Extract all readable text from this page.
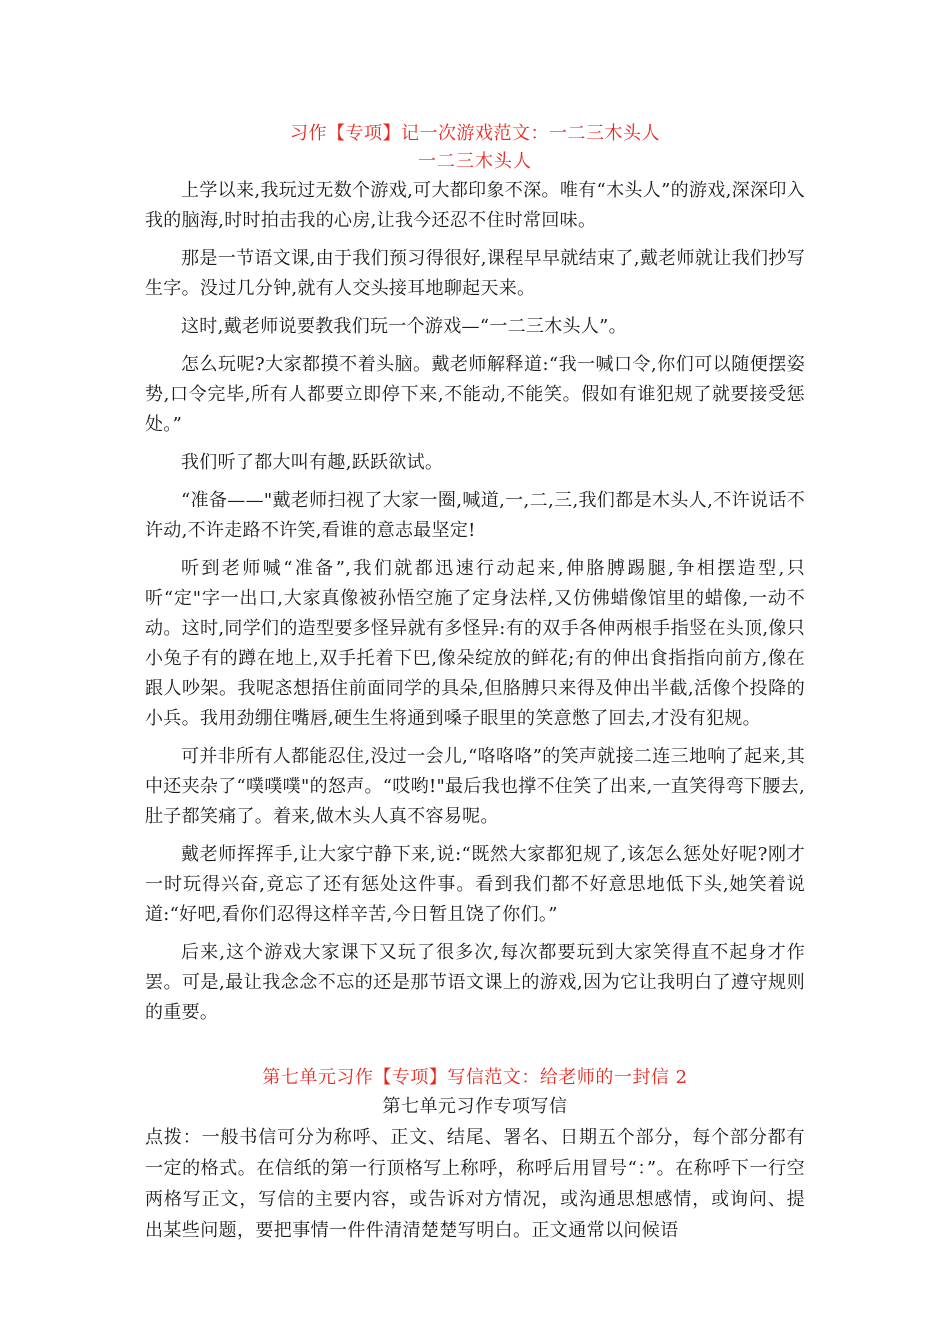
习作【专项】记一次游戏范文：一二三木头人
一二三木头人

上学以来,我玩过无数个游戏,可大都印象不深。唯有“木头人”的游戏,深深印入我的脑海,时时拍击我的心房,让我今还忍不住时常回味。

那是一节语文课,由于我们预习得很好,课程早早就结束了,戴老师就让我们抄写生字。没过几分钟,就有人交头接耳地聊起天来。

这时,戴老师说要教我们玩一个游戏—“一二三木头人”。

怎么玩呢?大家都摸不着头脑。戴老师解释道:“我一喊口令,你们可以随便摆姿势,口令完毕,所有人都要立即停下来,不能动,不能笑。假如有谁犯规了就要接受惩处。”

我们听了都大叫有趣,跃跃欲试。

“准备——"戴老师扫视了大家一圈,喊道,一,二,三,我们都是木头人,不许说话不许动,不许走路不许笑,看谁的意志最坚定!

听到老师喊“准备”,我们就都迅速行动起来,伸胳膊踢腿,争相摆造型,只听“定"字一出口,大家真像被孙悟空施了定身法样,又仿佛蜡像馆里的蜡像,一动不动。这时,同学们的造型要多怪异就有多怪异:有的双手各伸两根手指竖在头顶,像只小兔子有的蹲在地上,双手托着下巴,像朵绽放的鲜花;有的伸出食指指向前方,像在跟人吵架。我呢忞想捂住前面同学的具朵,但胳膊只来得及伸出半截,活像个投降的小兵。我用劲绷住嘴唇,硬生生将通到嗓子眼里的笑意憋了回去,才没有犯规。

可并非所有人都能忍住,没过一会儿,“咯咯咯”的笑声就接二连三地响了起来,其中还夹杂了“噗噗噗"的怒声。“哎哟!"最后我也撑不住笑了出来,一直笑得弯下腰去,肚子都笑痛了。着来,做木头人真不容易呢。

戴老师挥挥手,让大家宁静下来,说:“既然大家都犯规了,该怎么惩处好呢?刚才一时玩得兴奋,竟忘了还有惩处这件事。看到我们都不好意思地低下头,她笑着说道:“好吧,看你们忍得这样辛苦,今日暂且饶了你们。”

后来,这个游戏大家课下又玩了很多次,每次都要玩到大家笑得直不起身才作罢。可是,最让我念念不忘的还是那节语文课上的游戏,因为它让我明白了遵守规则的重要。

第七单元习作【专项】写信范文：给老师的一封信 2
第七单元习作专项写信

点拨：一般书信可分为称呼、正文、结尾、署名、日期五个部分，每个部分都有一定的格式。在信纸的第一行顶格写上称呼，称呼后用冒号“：”。在称呼下一行空两格写正文，写信的主要内容，或告诉对方情况，或沟通思想感情，或询问、提出某些问题，要把事情一件件清清楚楚写明白。正文通常以问候语
